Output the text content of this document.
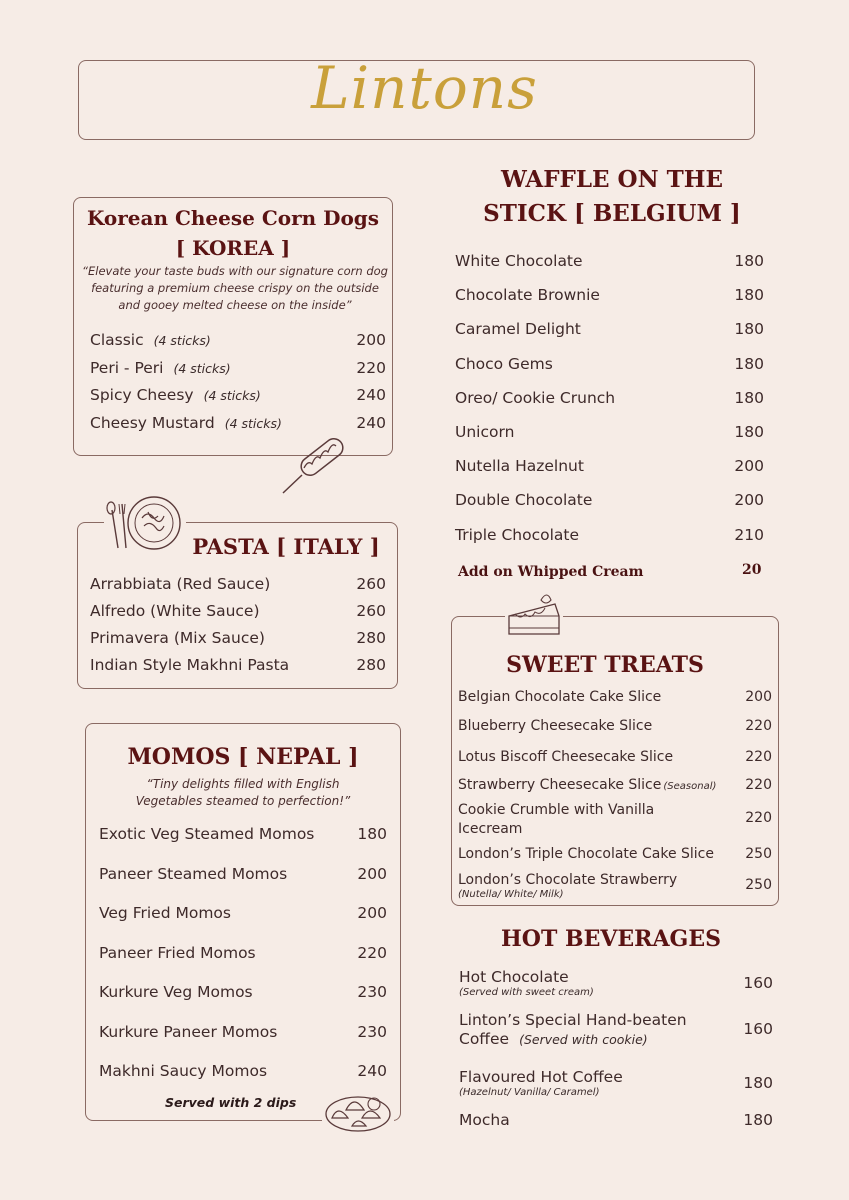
Lintons
Korean Cheese Corn Dogs
[ KOREA ]
“Elevate your taste buds with our signature corn dog featuring a premium cheese crispy on the outside and gooey melted cheese on the inside”
Classic (4 sticks)	200
Peri - Peri (4 sticks)	220
Spicy Cheesy (4 sticks)	240
Cheesy Mustard (4 sticks)	240
PASTA [ ITALY ]
Arrabbiata (Red Sauce)	260
Alfredo (White Sauce)	260
Primavera (Mix Sauce)	280
Indian Style Makhni Pasta	280
MOMOS [ NEPAL ]
“Tiny delights filled with English Vegetables steamed to perfection!”
Exotic Veg Steamed Momos	180
Paneer Steamed Momos	200
Veg Fried Momos	200
Paneer Fried Momos	220
Kurkure Veg Momos	230
Kurkure Paneer Momos	230
Makhni Saucy Momos	240
Served with 2 dips
WAFFLE ON THE
STICK [ BELGIUM ]
White Chocolate	180
Chocolate Brownie	180
Caramel Delight	180
Choco Gems	180
Oreo/ Cookie Crunch	180
Unicorn	180
Nutella Hazelnut	200
Double Chocolate	200
Triple Chocolate	210
Add on Whipped Cream	20
SWEET TREATS
Belgian Chocolate Cake Slice	200
Blueberry Cheesecake Slice	220
Lotus Biscoff Cheesecake Slice	220
Strawberry Cheesecake Slice (Seasonal) 220
Cookie Crumble with Vanilla
Icecream
220
London’s Triple Chocolate Cake Slice 250
London’s Chocolate Strawberry
(Nutella/ White/ Milk)
250
HOT BEVERAGES
Hot Chocolate
(Served with sweet cream)
160
Linton’s Special Hand-beaten
Coffee (Served with cookie)
160
Flavoured Hot Coffee
(Hazelnut/ Vanilla/ Caramel)
180
Mocha	180
